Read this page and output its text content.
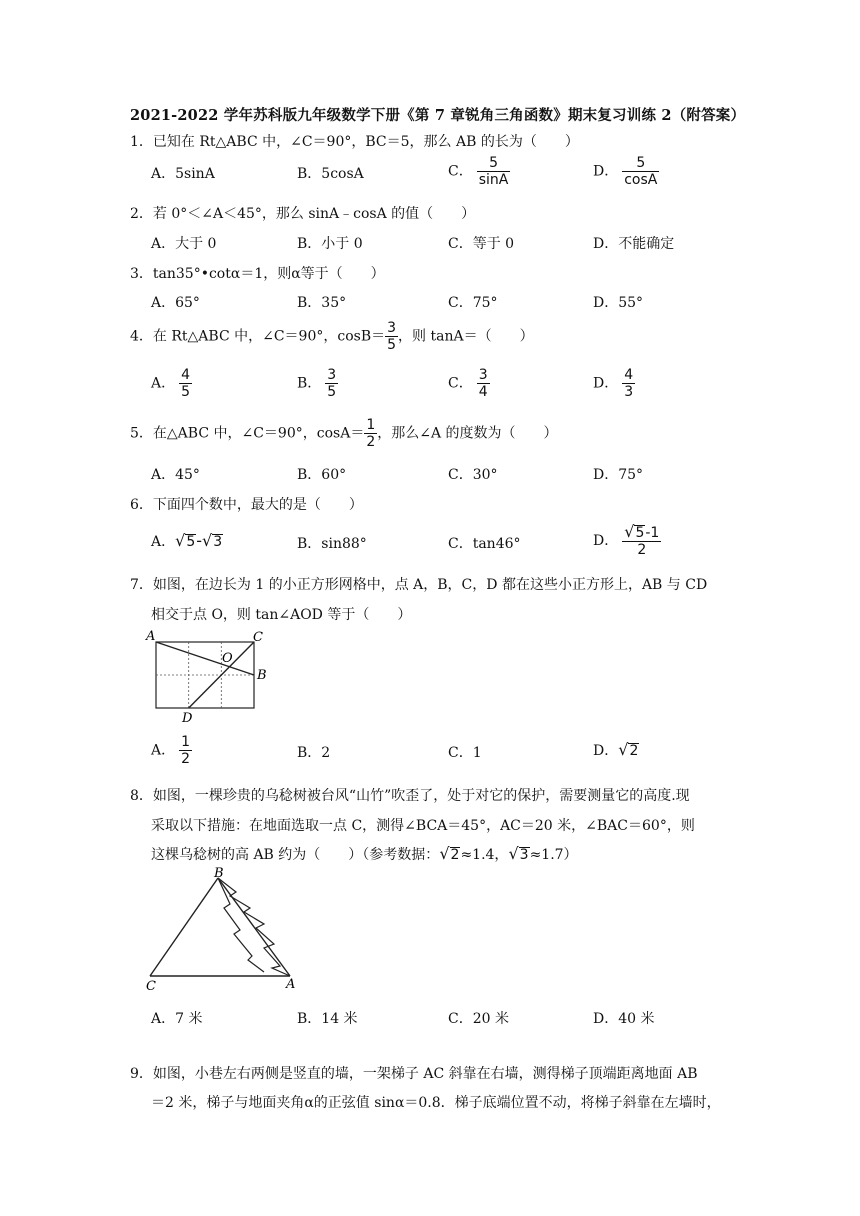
2021-2022 学年苏科版九年级数学下册《第 7 章锐角三角函数》期末复习训练 2（附答案）
1．已知在 Rt△ABC 中，∠C＝90°，BC＝5，那么 AB 的长为（　　）
A．5sinA	B．5cosA	C． $\frac{5}{\sin A}$	D． $\frac{5}{\cos A}$
2．若 0°＜∠A＜45°，那么 sinA﹣cosA 的值（　　）
A．大于 0	B．小于 0	C．等于 0	D．不能确定
3．tan35°•cotα＝1，则α等于（　　）
A．65°	B．35°	C．75°	D．55°
4．在 Rt△ABC 中，∠C＝90°，$\cos B= \frac{3}{5}$ ，则 tanA＝（　　）
A． $\frac{4}{5}$	B． $\frac{3}{5}$	C． $\frac{3}{4}$	D． $\frac{4}{3}$
5．在△ABC 中，∠C＝90°，$\cos A= \frac{1}{2}$ ，那么∠A 的度数为（　　）
A．45°	B．60°	C．30°	D．75°
6．下面四个数中，最大的是（　　）
A．√5-√3	B．sin88°	C．tan46°	D． $\frac{√5-1}{2}$
7．如图，在边长为 1 的小正方形网格中，点 A，B，C，D 都在这些小正方形上，AB 与 CD
相交于点 O，则 tan∠AOD 等于（　　）
A	C
O
B
D
A． $\frac{1}{2}$	B．2	C．1	D．√2
8．如图，一棵珍贵的乌稔树被台风“山竹”吹歪了，处于对它的保护，需要测量它的高度.现
采取以下措施：在地面选取一点 C，测得∠BCA＝45°，AC＝20 米，∠BAC＝60°，则
这棵乌稔树的高 AB 约为（　　）（参考数据：√2≈1.4，√3≈1.7）
B
C	A
A．7 米	B．14 米	C．20 米	D．40 米
9．如图，小巷左右两侧是竖直的墙，一架梯子 AC 斜靠在右墙，测得梯子顶端距离地面 AB
＝2 米，梯子与地面夹角α的正弦值 sinα＝0.8．梯子底端位置不动，将梯子斜靠在左墙时，
